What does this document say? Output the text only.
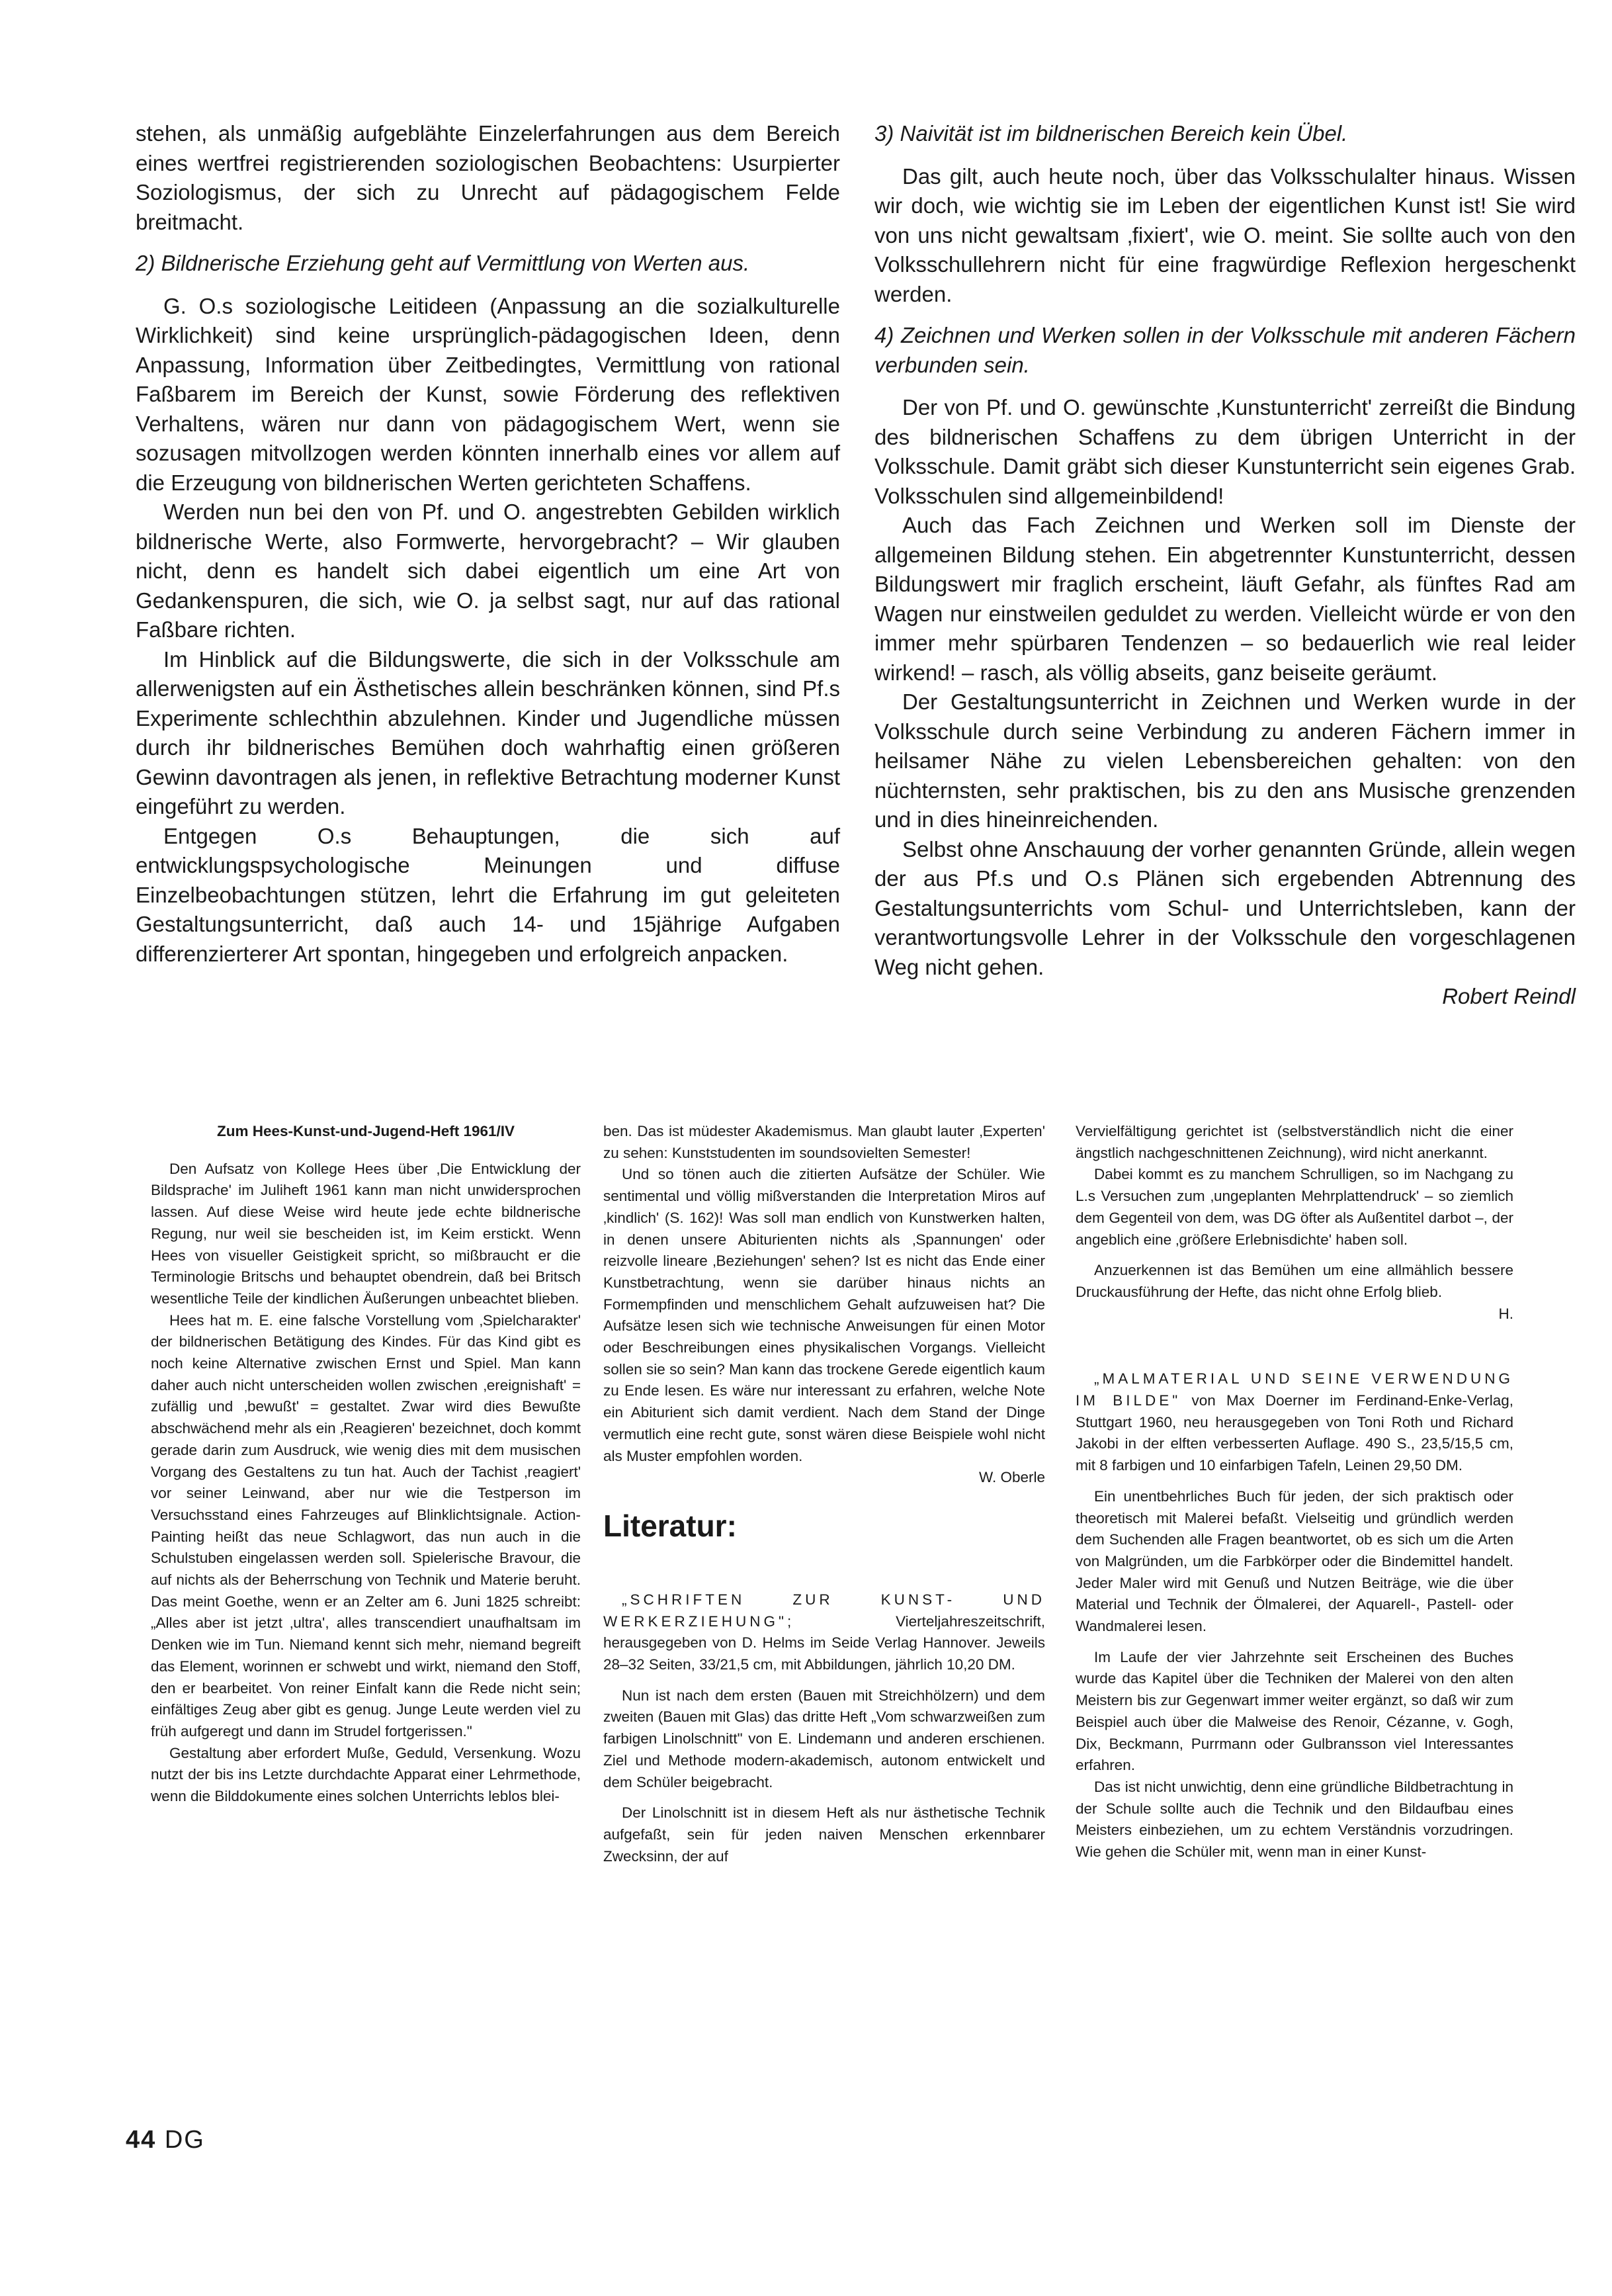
stehen, als unmäßig aufgeblähte Einzelerfahrungen aus dem Bereich eines wertfrei registrierenden soziologischen Beobachtens: Usurpierter Soziologismus, der sich zu Unrecht auf pädagogischem Felde breitmacht.

2) Bildnerische Erziehung geht auf Vermittlung von Werten aus.

G. O.s soziologische Leitideen (Anpassung an die sozialkulturelle Wirklichkeit) sind keine ursprünglich-pädagogischen Ideen, denn Anpassung, Information über Zeitbedingtes, Vermittlung von rational Faßbarem im Bereich der Kunst, sowie Förderung des reflektiven Verhaltens, wären nur dann von pädagogischem Wert, wenn sie sozusagen mitvollzogen werden könnten innerhalb eines vor allem auf die Erzeugung von bildnerischen Werten gerichteten Schaffens.

Werden nun bei den von Pf. und O. angestrebten Gebilden wirklich bildnerische Werte, also Formwerte, hervorgebracht? – Wir glauben nicht, denn es handelt sich dabei eigentlich um eine Art von Gedankenspuren, die sich, wie O. ja selbst sagt, nur auf das rational Faßbare richten.

Im Hinblick auf die Bildungswerte, die sich in der Volksschule am allerwenigsten auf ein Ästhetisches allein beschränken können, sind Pf.s Experimente schlechthin abzulehnen. Kinder und Jugendliche müssen durch ihr bildnerisches Bemühen doch wahrhaftig einen größeren Gewinn davontragen als jenen, in reflektive Betrachtung moderner Kunst eingeführt zu werden.

Entgegen O.s Behauptungen, die sich auf entwicklungspsychologische Meinungen und diffuse Einzelbeobachtungen stützen, lehrt die Erfahrung im gut geleiteten Gestaltungsunterricht, daß auch 14- und 15jährige Aufgaben differenzierterer Art spontan, hingegeben und erfolgreich anpacken.

3) Naivität ist im bildnerischen Bereich kein Übel.

Das gilt, auch heute noch, über das Volksschulalter hinaus. Wissen wir doch, wie wichtig sie im Leben der eigentlichen Kunst ist! Sie wird von uns nicht gewaltsam ‚fixiert', wie O. meint. Sie sollte auch von den Volksschullehrern nicht für eine fragwürdige Reflexion hergeschenkt werden.

4) Zeichnen und Werken sollen in der Volksschule mit anderen Fächern verbunden sein.

Der von Pf. und O. gewünschte ‚Kunstunterricht' zerreißt die Bindung des bildnerischen Schaffens zu dem übrigen Unterricht in der Volksschule. Damit gräbt sich dieser Kunstunterricht sein eigenes Grab. Volksschulen sind allgemeinbildend!

Auch das Fach Zeichnen und Werken soll im Dienste der allgemeinen Bildung stehen. Ein abgetrennter Kunstunterricht, dessen Bildungswert mir fraglich erscheint, läuft Gefahr, als fünftes Rad am Wagen nur einstweilen geduldet zu werden. Vielleicht würde er von den immer mehr spürbaren Tendenzen – so bedauerlich wie real leider wirkend! – rasch, als völlig abseits, ganz beiseite geräumt.

Der Gestaltungsunterricht in Zeichnen und Werken wurde in der Volksschule durch seine Verbindung zu anderen Fächern immer in heilsamer Nähe zu vielen Lebensbereichen gehalten: von den nüchternsten, sehr praktischen, bis zu den ans Musische grenzenden und in dies hineinreichenden.

Selbst ohne Anschauung der vorher genannten Gründe, allein wegen der aus Pf.s und O.s Plänen sich ergebenden Abtrennung des Gestaltungsunterrichts vom Schul- und Unterrichtsleben, kann der verantwortungsvolle Lehrer in der Volksschule den vorgeschlagenen Weg nicht gehen.

Robert Reindl

Zum Hees-Kunst-und-Jugend-Heft 1961/IV

Den Aufsatz von Kollege Hees über ‚Die Entwicklung der Bildsprache' im Juliheft 1961 kann man nicht unwidersprochen lassen. Auf diese Weise wird heute jede echte bildnerische Regung, nur weil sie bescheiden ist, im Keim erstickt. Wenn Hees von visueller Geistigkeit spricht, so mißbraucht er die Terminologie Britschs und behauptet obendrein, daß bei Britsch wesentliche Teile der kindlichen Äußerungen unbeachtet blieben.

Hees hat m. E. eine falsche Vorstellung vom ‚Spielcharakter' der bildnerischen Betätigung des Kindes. Für das Kind gibt es noch keine Alternative zwischen Ernst und Spiel. Man kann daher auch nicht unterscheiden wollen zwischen ‚ereignishaft' = zufällig und ‚bewußt' = gestaltet. Zwar wird dies Bewußte abschwächend mehr als ein ‚Reagieren' bezeichnet, doch kommt gerade darin zum Ausdruck, wie wenig dies mit dem musischen Vorgang des Gestaltens zu tun hat. Auch der Tachist ‚reagiert' vor seiner Leinwand, aber nur wie die Testperson im Versuchsstand eines Fahrzeuges auf Blinklichtsignale. Action-Painting heißt das neue Schlagwort, das nun auch in die Schulstuben eingelassen werden soll. Spielerische Bravour, die auf nichts als der Beherrschung von Technik und Materie beruht. Das meint Goethe, wenn er an Zelter am 6. Juni 1825 schreibt: „Alles aber ist jetzt ‚ultra', alles transcendiert unaufhaltsam im Denken wie im Tun. Niemand kennt sich mehr, niemand begreift das Element, worinnen er schwebt und wirkt, niemand den Stoff, den er bearbeitet. Von reiner Einfalt kann die Rede nicht sein; einfältiges Zeug aber gibt es genug. Junge Leute werden viel zu früh aufgeregt und dann im Strudel fortgerissen."

Gestaltung aber erfordert Muße, Geduld, Versenkung. Wozu nutzt der bis ins Letzte durchdachte Apparat einer Lehrmethode, wenn die Bilddokumente eines solchen Unterrichts leblos blei-

ben. Das ist müdester Akademismus. Man glaubt lauter ‚Experten' zu sehen: Kunststudenten im soundsovielten Semester!

Und so tönen auch die zitierten Aufsätze der Schüler. Wie sentimental und völlig mißverstanden die Interpretation Miros auf ‚kindlich' (S. 162)! Was soll man endlich von Kunstwerken halten, in denen unsere Abiturienten nichts als ‚Spannungen' oder reizvolle lineare ‚Beziehungen' sehen? Ist es nicht das Ende einer Kunstbetrachtung, wenn sie darüber hinaus nichts an Formempfinden und menschlichem Gehalt aufzuweisen hat? Die Aufsätze lesen sich wie technische Anweisungen für einen Motor oder Beschreibungen eines physikalischen Vorgangs. Vielleicht sollen sie so sein? Man kann das trockene Gerede eigentlich kaum zu Ende lesen. Es wäre nur interessant zu erfahren, welche Note ein Abiturient sich damit verdient. Nach dem Stand der Dinge vermutlich eine recht gute, sonst wären diese Beispiele wohl nicht als Muster empfohlen worden.

W. Oberle

Literatur:

„SCHRIFTEN ZUR KUNST- UND WERKERZIEHUNG";	Vierteljahreszeitschrift, herausgegeben von D. Helms im Seide Verlag Hannover. Jeweils 28–32 Seiten, 33/21,5 cm, mit Abbildungen, jährlich 10,20 DM.

Nun ist nach dem ersten (Bauen mit Streichhölzern) und dem zweiten (Bauen mit Glas) das dritte Heft „Vom schwarzweißen zum farbigen Linolschnitt" von E. Lindemann und anderen erschienen. Ziel und Methode modern-akademisch, autonom entwickelt und dem Schüler beigebracht.

Der Linolschnitt ist in diesem Heft als nur ästhetische Technik aufgefaßt, sein für jeden naiven Menschen erkennbarer Zwecksinn, der auf

Vervielfältigung gerichtet ist (selbstverständlich nicht die einer ängstlich nachgeschnittenen Zeichnung), wird nicht anerkannt.

Dabei kommt es zu manchem Schrulligen, so im Nachgang zu L.s Versuchen zum ‚ungeplanten Mehrplattendruck' – so ziemlich dem Gegenteil von dem, was DG öfter als Außentitel darbot –, der angeblich eine ‚größere Erlebnisdichte' haben soll.

Anzuerkennen ist das Bemühen um eine allmählich bessere Druckausführung der Hefte, das nicht ohne Erfolg blieb.

H.

„MALMATERIAL UND SEINE VERWENDUNG IM BILDE" von Max Doerner im Ferdinand-Enke-Verlag, Stuttgart 1960, neu herausgegeben von Toni Roth und Richard Jakobi in der elften verbesserten Auflage. 490 S., 23,5/15,5 cm, mit 8 farbigen und 10 einfarbigen Tafeln, Leinen 29,50 DM.

Ein unentbehrliches Buch für jeden, der sich praktisch oder theoretisch mit Malerei befaßt. Vielseitig und gründlich werden dem Suchenden alle Fragen beantwortet, ob es sich um die Arten von Malgründen, um die Farbkörper oder die Bindemittel handelt. Jeder Maler wird mit Genuß und Nutzen Beiträge, wie die über Material und Technik der Ölmalerei, der Aquarell-, Pastell- oder Wandmalerei lesen.

Im Laufe der vier Jahrzehnte seit Erscheinen des Buches wurde das Kapitel über die Techniken der Malerei von den alten Meistern bis zur Gegenwart immer weiter ergänzt, so daß wir zum Beispiel auch über die Malweise des Renoir, Cézanne, v. Gogh, Dix, Beckmann, Purrmann oder Gulbransson viel Interessantes erfahren.

Das ist nicht unwichtig, denn eine gründliche Bildbetrachtung in der Schule sollte auch die Technik und den Bildaufbau eines Meisters einbeziehen, um zu echtem Verständnis vorzudringen. Wie gehen die Schüler mit, wenn man in einer Kunst-

44 DG
